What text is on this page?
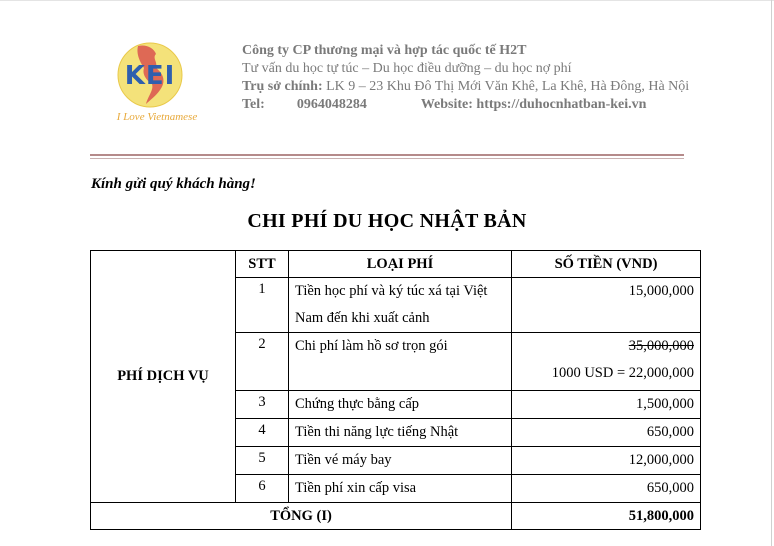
KEI
I Love Vietnamese
Công ty CP thương mại và hợp tác quốc tế H2T
Tư vấn du học tự túc – Du học điều dưỡng – du học nợ phí
Trụ sở chính: LK 9 – 23 Khu Đô Thị Mới Văn Khê, La Khê, Hà Đông, Hà Nội
Tel: 0964048284	Website: https://duhocnhatban-kei.vn
Kính gửi quý khách hàng!
CHI PHÍ DU HỌC NHẬT BẢN
PHÍ DỊCH VỤ	STT	LOẠI PHÍ	SỐ TIỀN (VND)
	1	Tiền học phí và ký túc xá tại Việt Nam đến khi xuất cảnh	15,000,000
	2	Chi phí làm hồ sơ trọn gói	35,000,000
1000 USD = 22,000,000

	3	Chứng thực bằng cấp	1,500,000
	4	Tiền thi năng lực tiếng Nhật	650,000
	5	Tiền vé máy bay	12,000,000
	6	Tiền phí xin cấp visa	650,000
TỔNG (I)			51,800,000
